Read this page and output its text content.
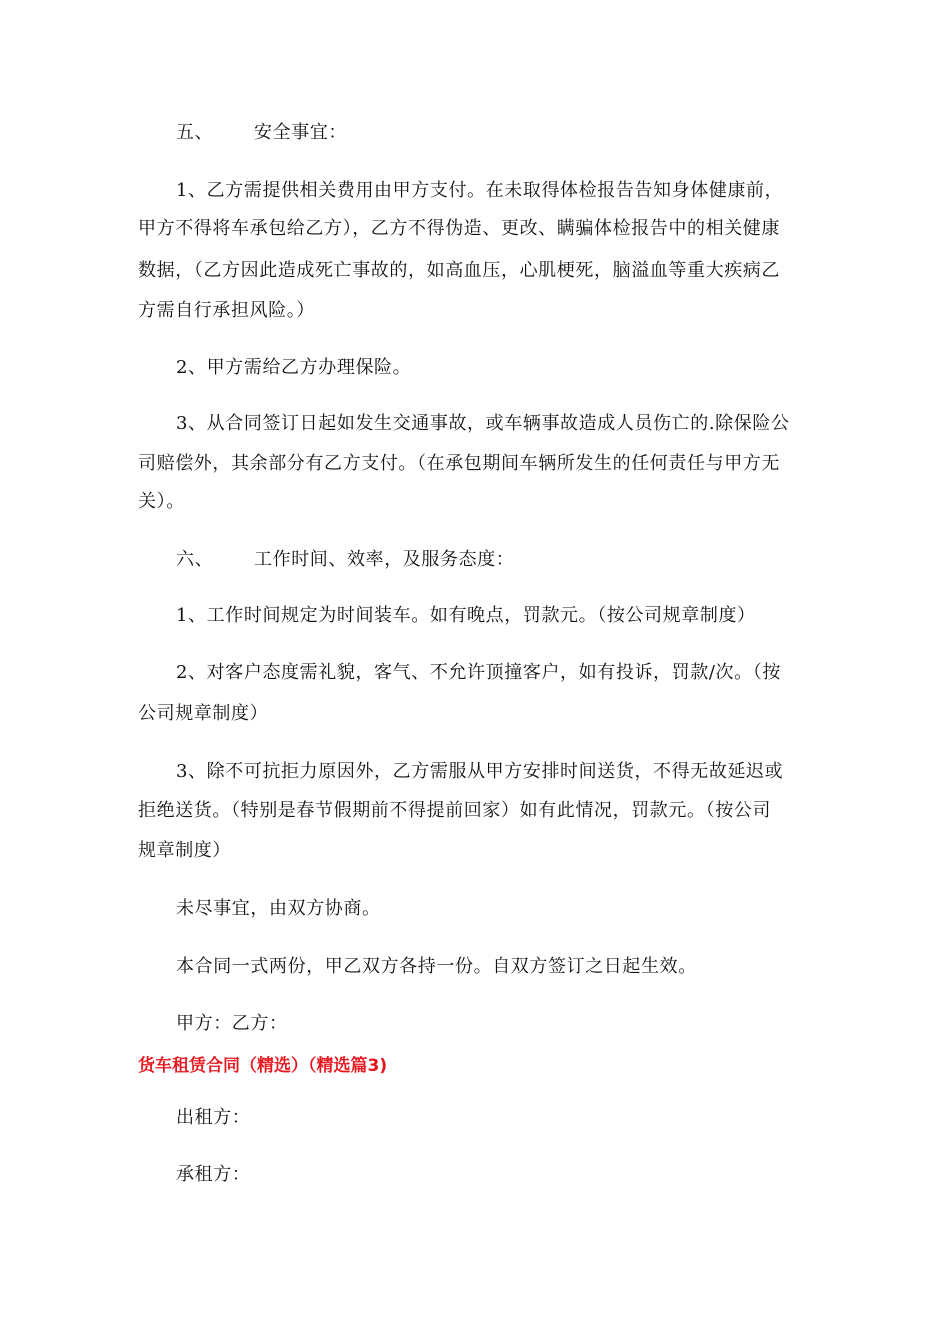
五、 安全事宜：
1、乙方需提供相关费用由甲方支付。在未取得体检报告告知身体健康前，
甲方不得将车承包给乙方），乙方不得伪造、更改、瞒骗体检报告中的相关健康
数据，（乙方因此造成死亡事故的，如高血压，心肌梗死，脑溢血等重大疾病乙
方需自行承担风险。）
2、甲方需给乙方办理保险。
3、从合同签订日起如发生交通事故，或车辆事故造成人员伤亡的.除保险公
司赔偿外，其余部分有乙方支付。（在承包期间车辆所发生的任何责任与甲方无
关）。
六、 工作时间、效率，及服务态度：
1、工作时间规定为时间装车。如有晚点，罚款元。（按公司规章制度）
2、对客户态度需礼貌，客气、不允许顶撞客户，如有投诉，罚款/次。（按
公司规章制度）
3、除不可抗拒力原因外，乙方需服从甲方安排时间送货，不得无故延迟或
拒绝送货。（特别是春节假期前不得提前回家）如有此情况，罚款元。（按公司
规章制度）
未尽事宜，由双方协商。
本合同一式两份，甲乙双方各持一份。自双方签订之日起生效。
甲方：乙方：
货车租赁合同（精选）（精选篇3)
出租方：
承租方：
